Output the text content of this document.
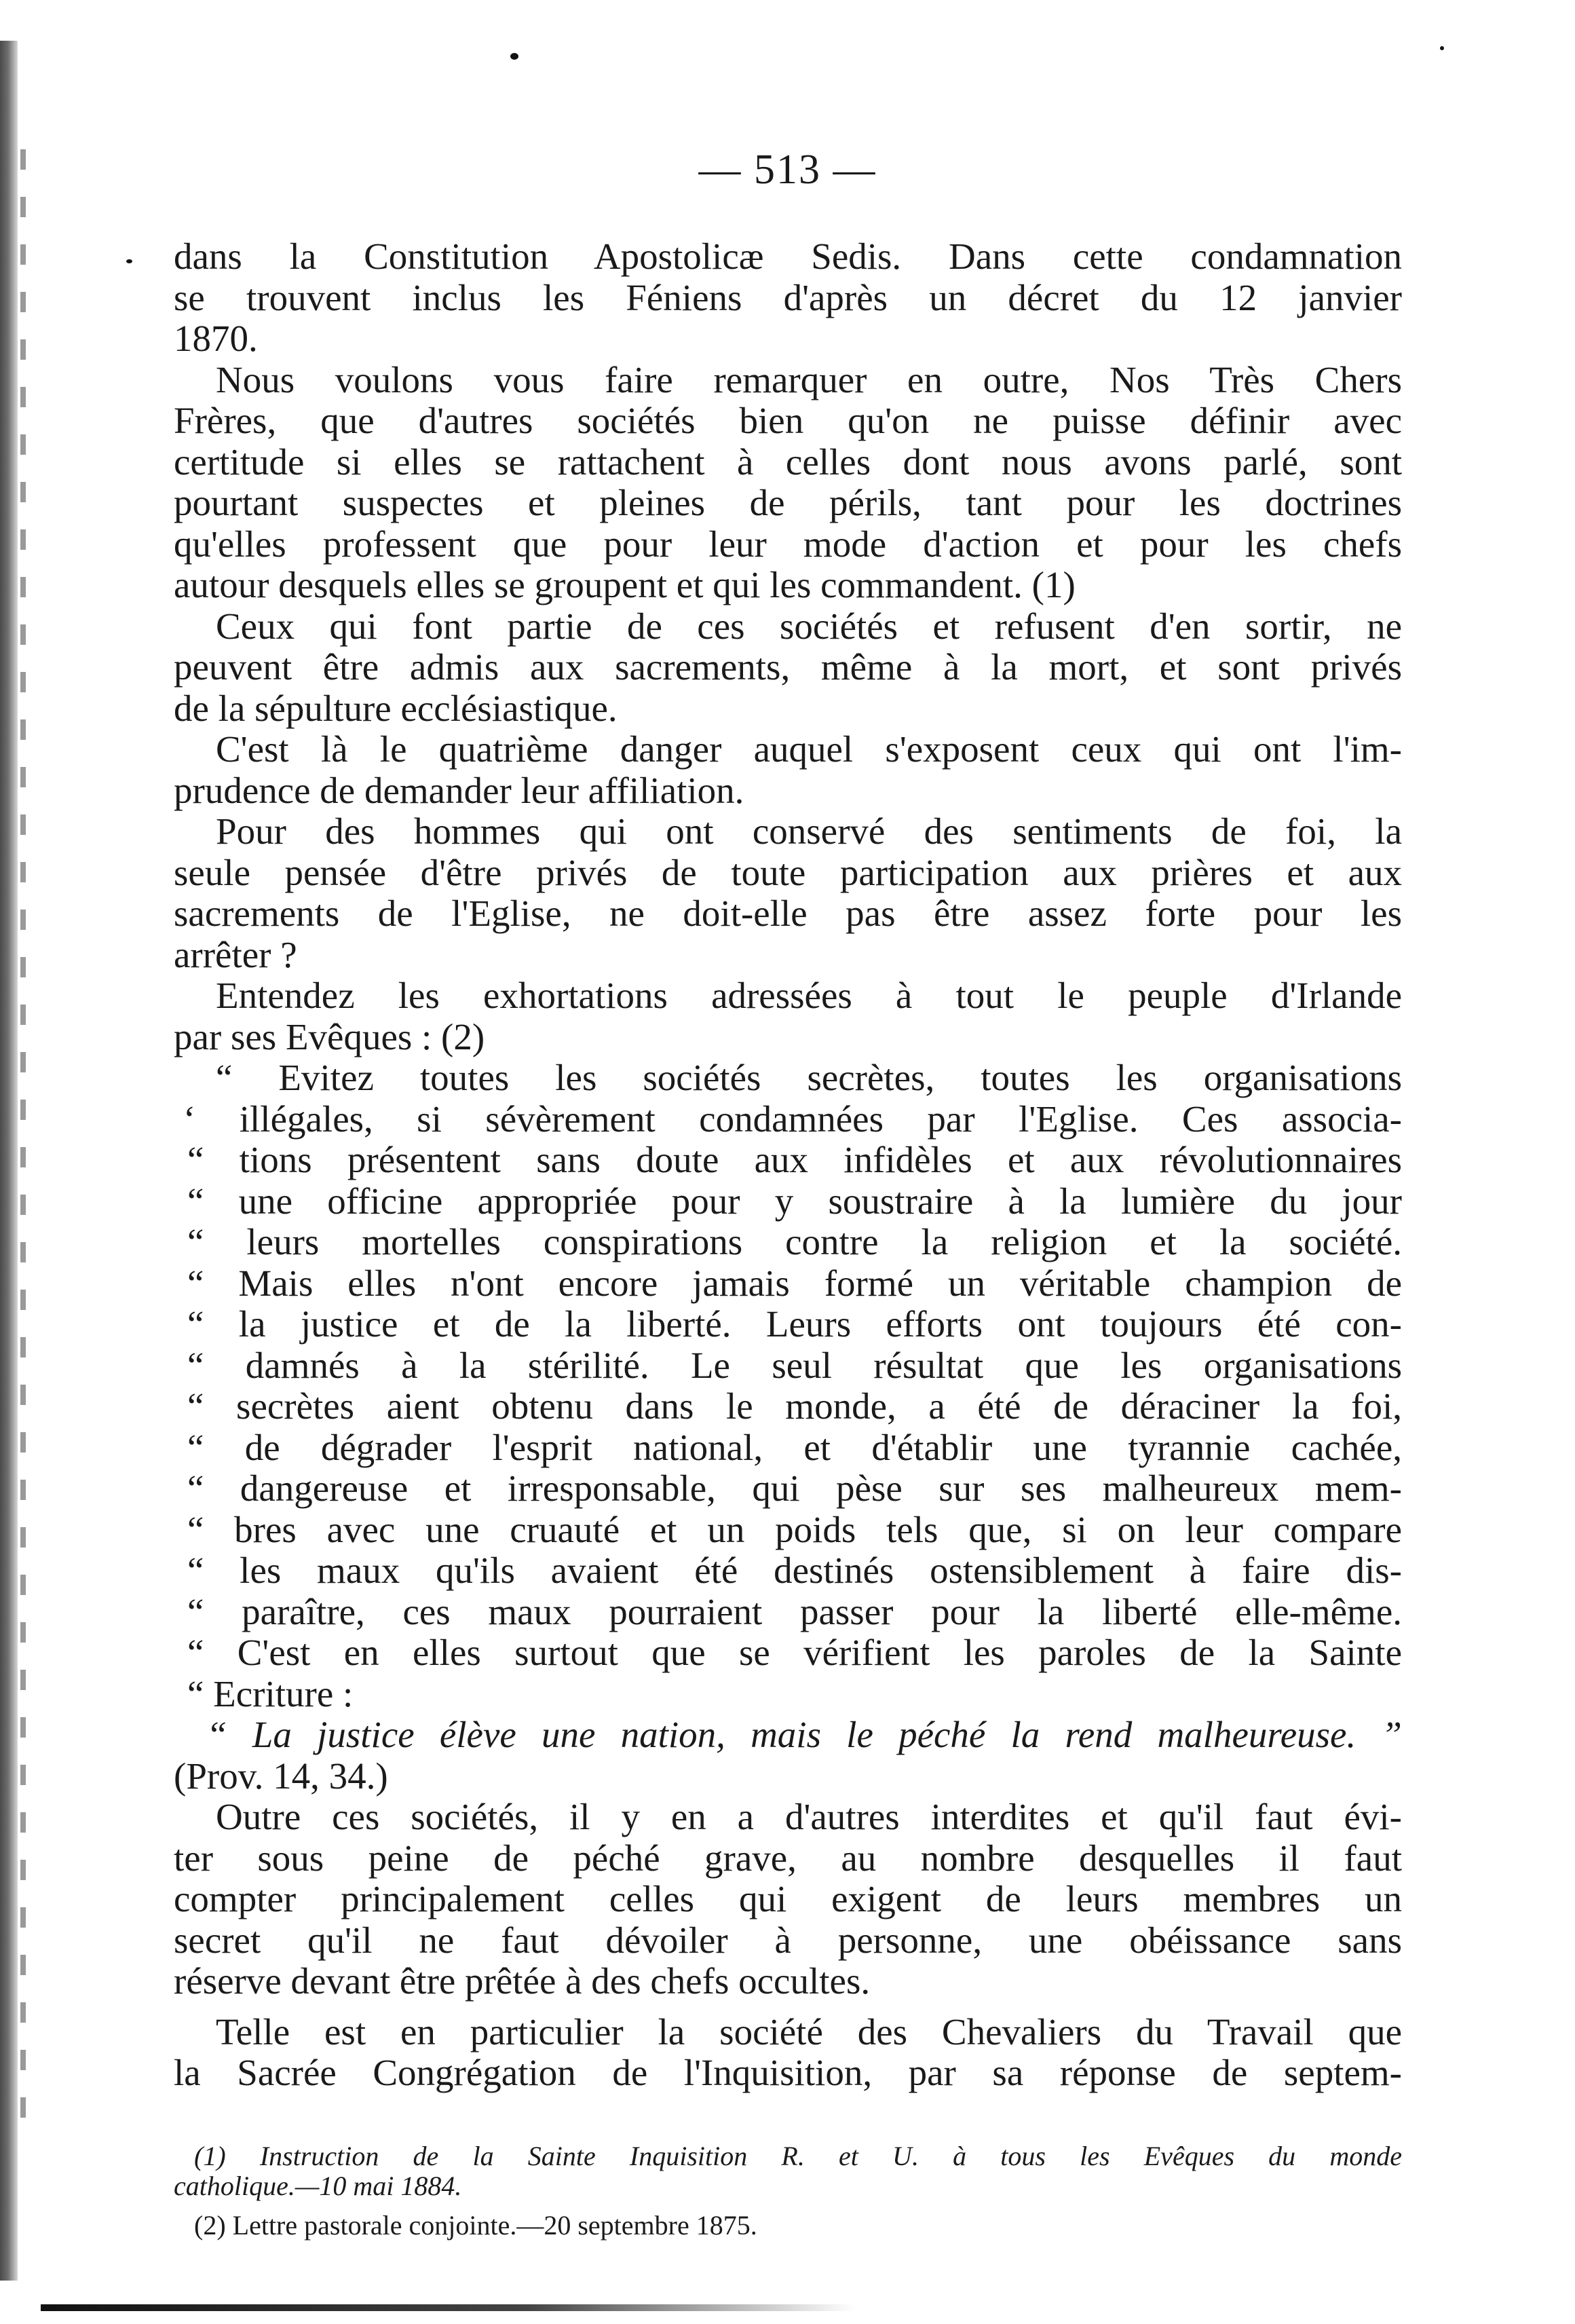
— 513 —
dans la Constitution Apostolicæ Sedis. Dans cette condamnation
se trouvent inclus les Féniens d'après un décret du 12 janvier
1870.
Nous voulons vous faire remarquer en outre, Nos Très Chers
Frères, que d'autres sociétés bien qu'on ne puisse définir avec
certitude si elles se rattachent à celles dont nous avons parlé, sont
pourtant suspectes et pleines de périls, tant pour les doctrines
qu'elles professent que pour leur mode d'action et pour les chefs
autour desquels elles se groupent et qui les commandent. (1)
Ceux qui font partie de ces sociétés et refusent d'en sortir, ne
peuvent être admis aux sacrements, même à la mort, et sont privés
de la sépulture ecclésiastique.
C'est là le quatrième danger auquel s'exposent ceux qui ont l'im-
prudence de demander leur affiliation.
Pour des hommes qui ont conservé des sentiments de foi, la
seule pensée d'être privés de toute participation aux prières et aux
sacrements de l'Eglise, ne doit-elle pas être assez forte pour les
arrêter ?
Entendez les exhortations adressées à tout le peuple d'Irlande
par ses Evêques : (2)
“ Evitez toutes les sociétés secrètes, toutes les organisations
‘ illégales, si sévèrement condamnées par l'Eglise. Ces associa-
“ tions présentent sans doute aux infidèles et aux révolutionnaires
“ une officine appropriée pour y soustraire à la lumière du jour
“ leurs mortelles conspirations contre la religion et la société.
“ Mais elles n'ont encore jamais formé un véritable champion de
“ la justice et de la liberté. Leurs efforts ont toujours été con-
“ damnés à la stérilité. Le seul résultat que les organisations
“ secrètes aient obtenu dans le monde, a été de déraciner la foi,
“ de dégrader l'esprit national, et d'établir une tyrannie cachée,
“ dangereuse et irresponsable, qui pèse sur ses malheureux mem-
“ bres avec une cruauté et un poids tels que, si on leur compare
“ les maux qu'ils avaient été destinés ostensiblement à faire dis-
“ paraître, ces maux pourraient passer pour la liberté elle-même.
“ C'est en elles surtout que se vérifient les paroles de la Sainte
“ Ecriture :
“ La justice élève une nation, mais le péché la rend malheureuse. ”
(Prov. 14, 34.)
Outre ces sociétés, il y en a d'autres interdites et qu'il faut évi-
ter sous peine de péché grave, au nombre desquelles il faut
compter principalement celles qui exigent de leurs membres un
secret qu'il ne faut dévoiler à personne, une obéissance sans
réserve devant être prêtée à des chefs occultes.
Telle est en particulier la société des Chevaliers du Travail que
la Sacrée Congrégation de l'Inquisition, par sa réponse de septem-
(1) Instruction de la Sainte Inquisition R. et U. à tous les Evêques du monde
catholique.—10 mai 1884.
(2) Lettre pastorale conjointe.—20 septembre 1875.
